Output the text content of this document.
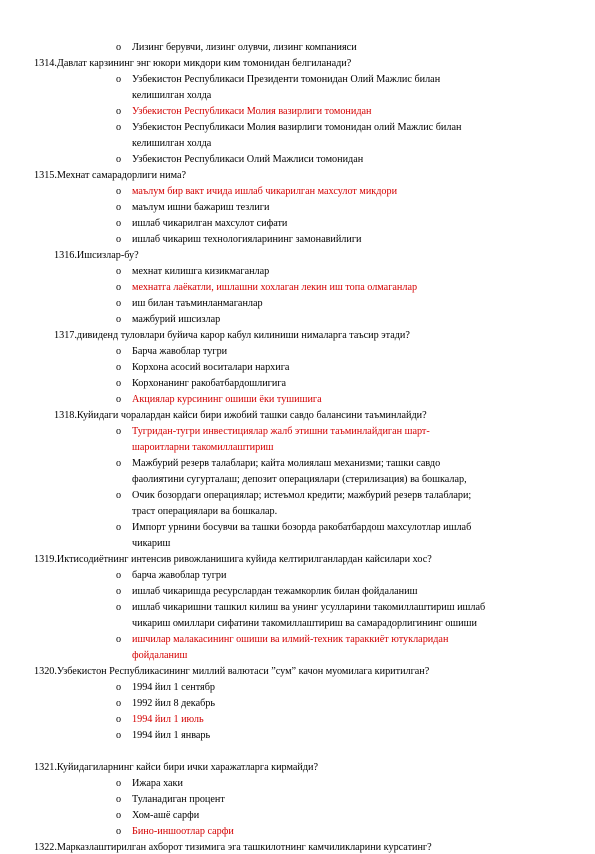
o Лизинг берувчи, лизинг олувчи, лизинг компанияси
1314.Давлат карзининг энг юкори микдори ким томонидан белгиланади?
o Узбекистон Республикаси Президенти томонидан Олий Мажлис билан
келишилган холда
o Узбекистон Республикаси Молия вазирлиги томонидан
o Узбекистон Республикаси Молия вазирлиги томонидан олий Мажлис билан
келишилган холда
o Узбекистон Республикаси Олий Мажлиси томонидан
1315.Мехнат самарадорлиги нима?
o маълум бир вакт ичида ишлаб чикарилган махсулот микдори
o маълум ишни бажариш тезлиги
o ишлаб чикарилган махсулот сифати
o ишлаб чикариш технологияларининг замонавийлиги
1316.Ишсизлар-бу?
o мехнат килишга кизикмаганлар
o мехнатга лаёкатли, ишлашни хохлаган лекин иш топа олмаганлар
o иш билан таъминланмаганлар
o мажбурий ишсизлар
1317.дивиденд туловлари буйича карор кабул килиниши нималарга таъсир этади?
o Барча жавоблар тугри
o Корхона асосий воситалари нархига
o Корхонанинг ракобатбардошлигига
o Акциялар курсининг ошиши ёки тушишига
1318.Куйидаги чоралардан кайси бири ижобий ташки савдо балансини таъминлайди?
o Тугридан-тугри инвестициялар жалб этишни таъминлайдиган шарт-
шароитларни такомиллаштириш
o Мажбурий резерв талаблари; кайта молиялаш механизми; ташки савдо
фаолиятини сугурталаш; депозит операциялари (стерилизация) ва бошкалар,
o Очик бозордаги операциялар; истеъмол кредити; мажбурий резерв талаблари;
траст операциялари ва бошкалар.
o Импорт урнини босувчи ва ташки бозорда ракобатбардош махсулотлар ишлаб
чикариш
1319.Иктисодиётнинг интенсив ривожланишига куйида келтирилганлардан кайсилари хос?
o барча жавоблар тугри
o ишлаб чикаришда ресурслардан тежамкорлик билан фойдаланиш
o ишлаб чикаришни ташкил килиш ва унинг усулларини такомиллаштириш ишлаб
чикариш омиллари сифатини такомиллаштириш ва самарадорлигининг ошиши
o ишчилар малакасининг ошиши ва илмий-техник тараккиёт ютукларидан
фойдаланиш
1320.Узбекистон Республикасининг миллий валютаси ”сум” качон муомилага киритилган?
o 1994 йил 1 сентябр
o 1992 йил 8 декабрь
o 1994 йил 1 июль
o 1994 йил 1 январь
1321.Куйидагиларнинг кайси бири ички харажатларга кирмайди?
o Ижара хаки
o Туланадиган процент
o Хом-ашё сарфи
o Бино-иншоотлар сарфи
1322.Марказлаштирилган ахборот тизимига эга ташкилотнинг камчиликларини курсатинг?
